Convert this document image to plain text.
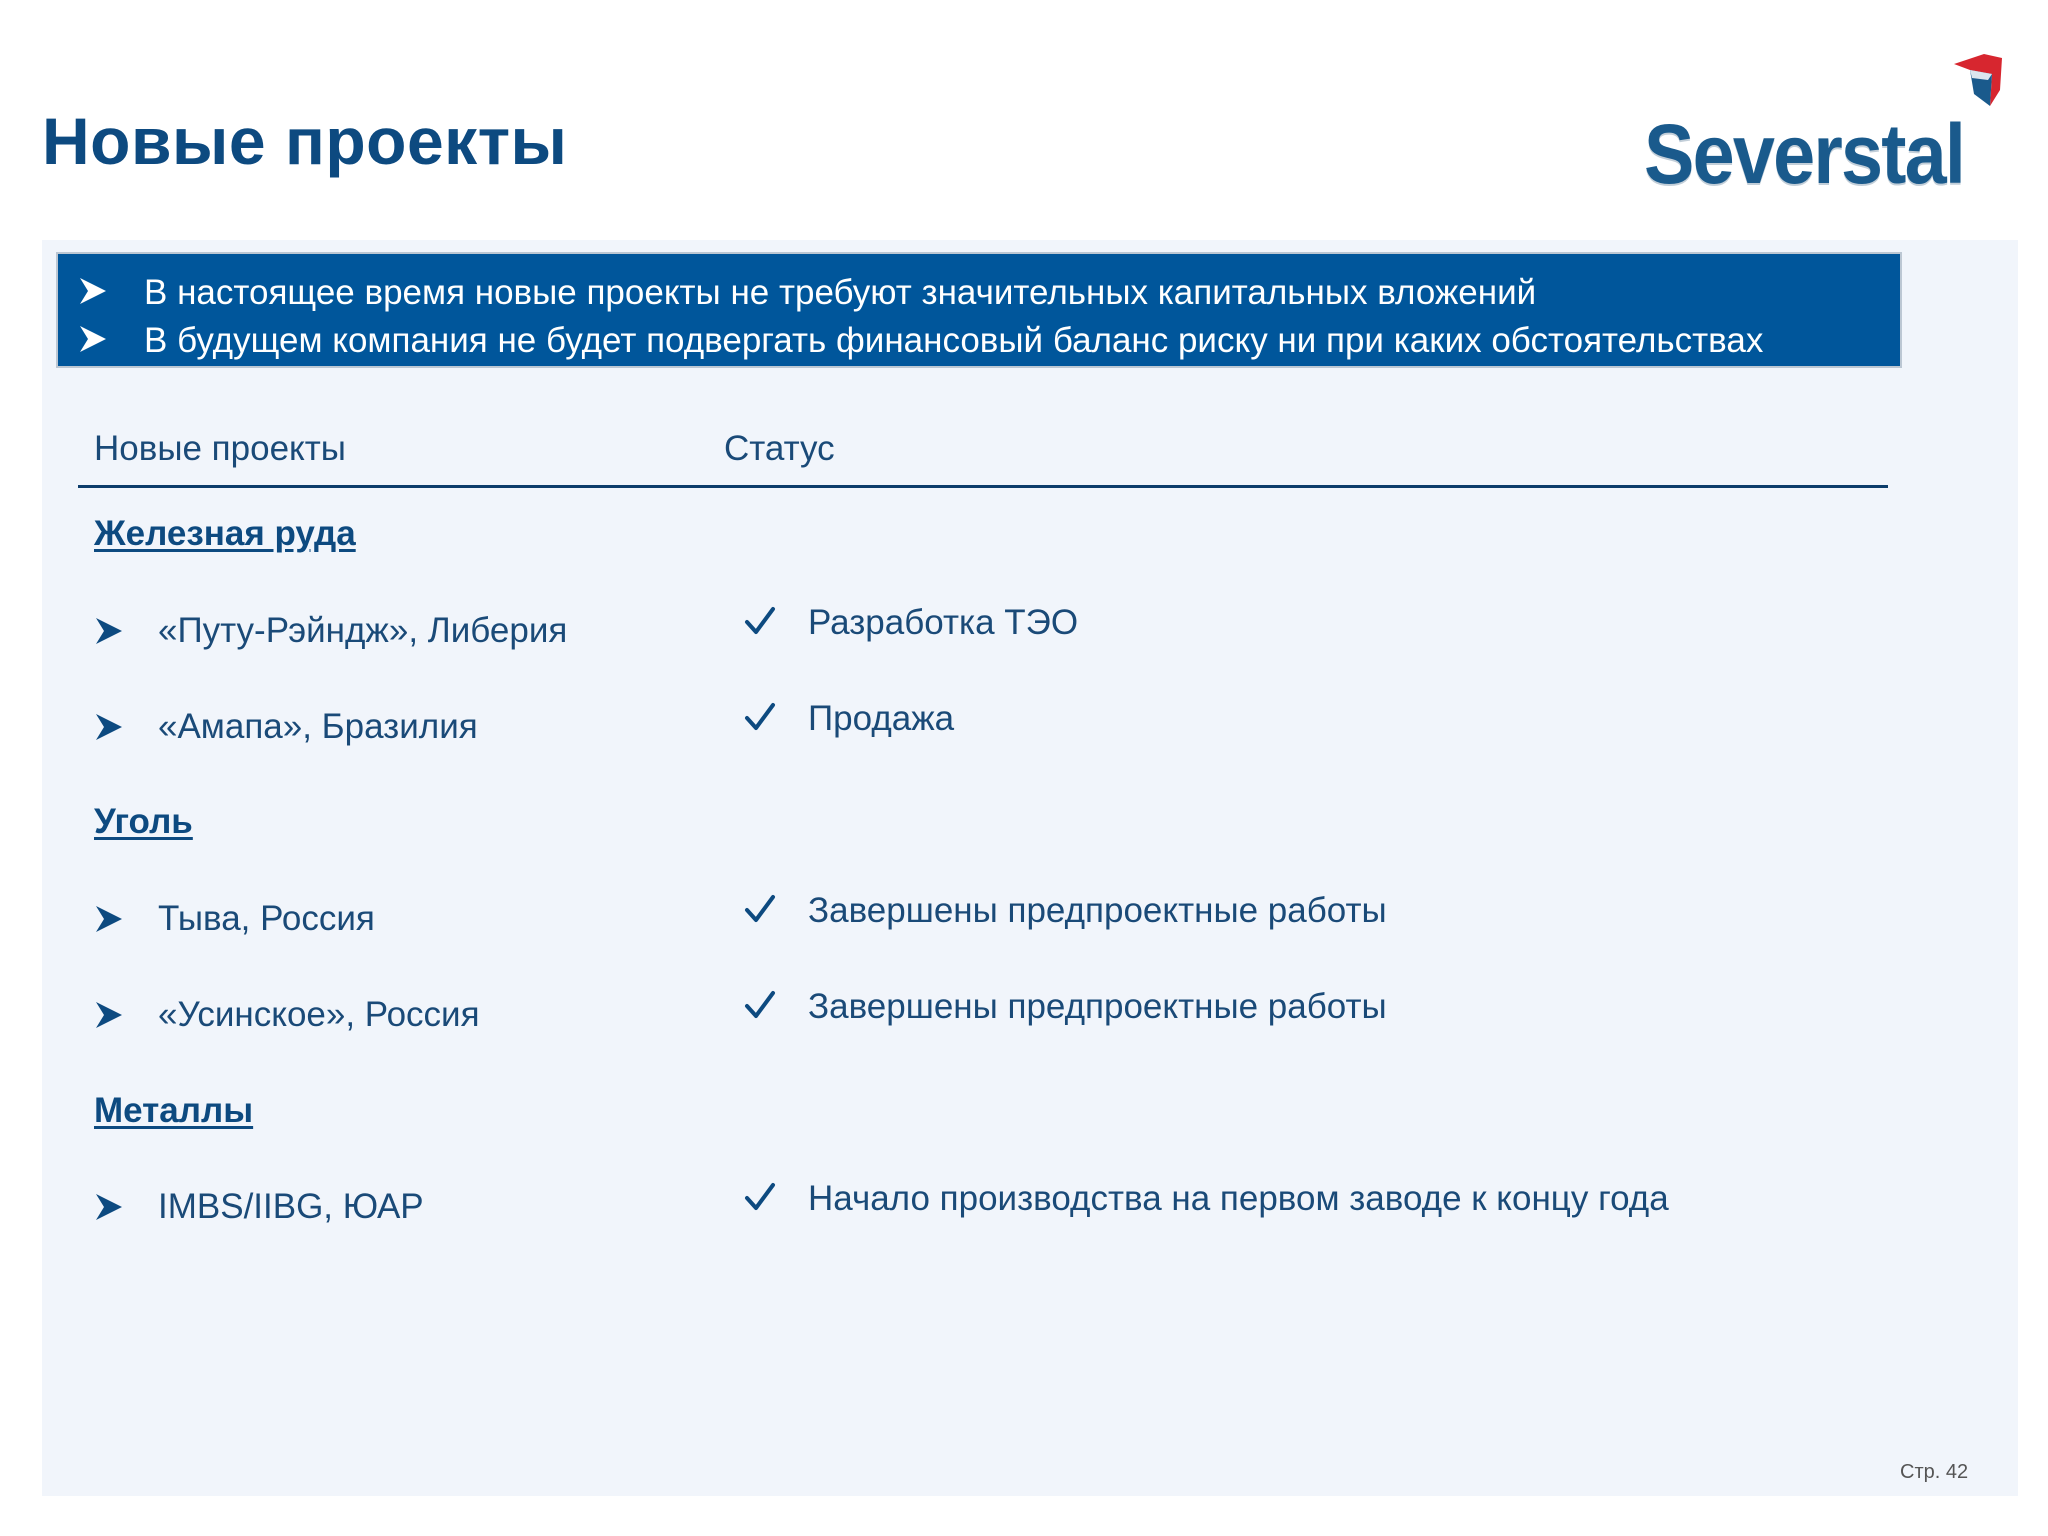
Новые проекты	Severstal
В настоящее время новые проекты не требуют значительных капитальных вложений
В будущем компания не будет подвергать финансовый баланс риску ни при каких обстоятельствах
Новые проекты	Статус
Железная руда
«Путу-Рэйндж», Либерия	Разработка ТЭО
«Амапа», Бразилия	Продажа
Уголь
Тыва, Россия	Завершены предпроектные работы
«Усинское», Россия	Завершены предпроектные работы
Металлы
IMBS/IIBG, ЮАР	Начало производства на первом заводе к концу года
Стр. 42
